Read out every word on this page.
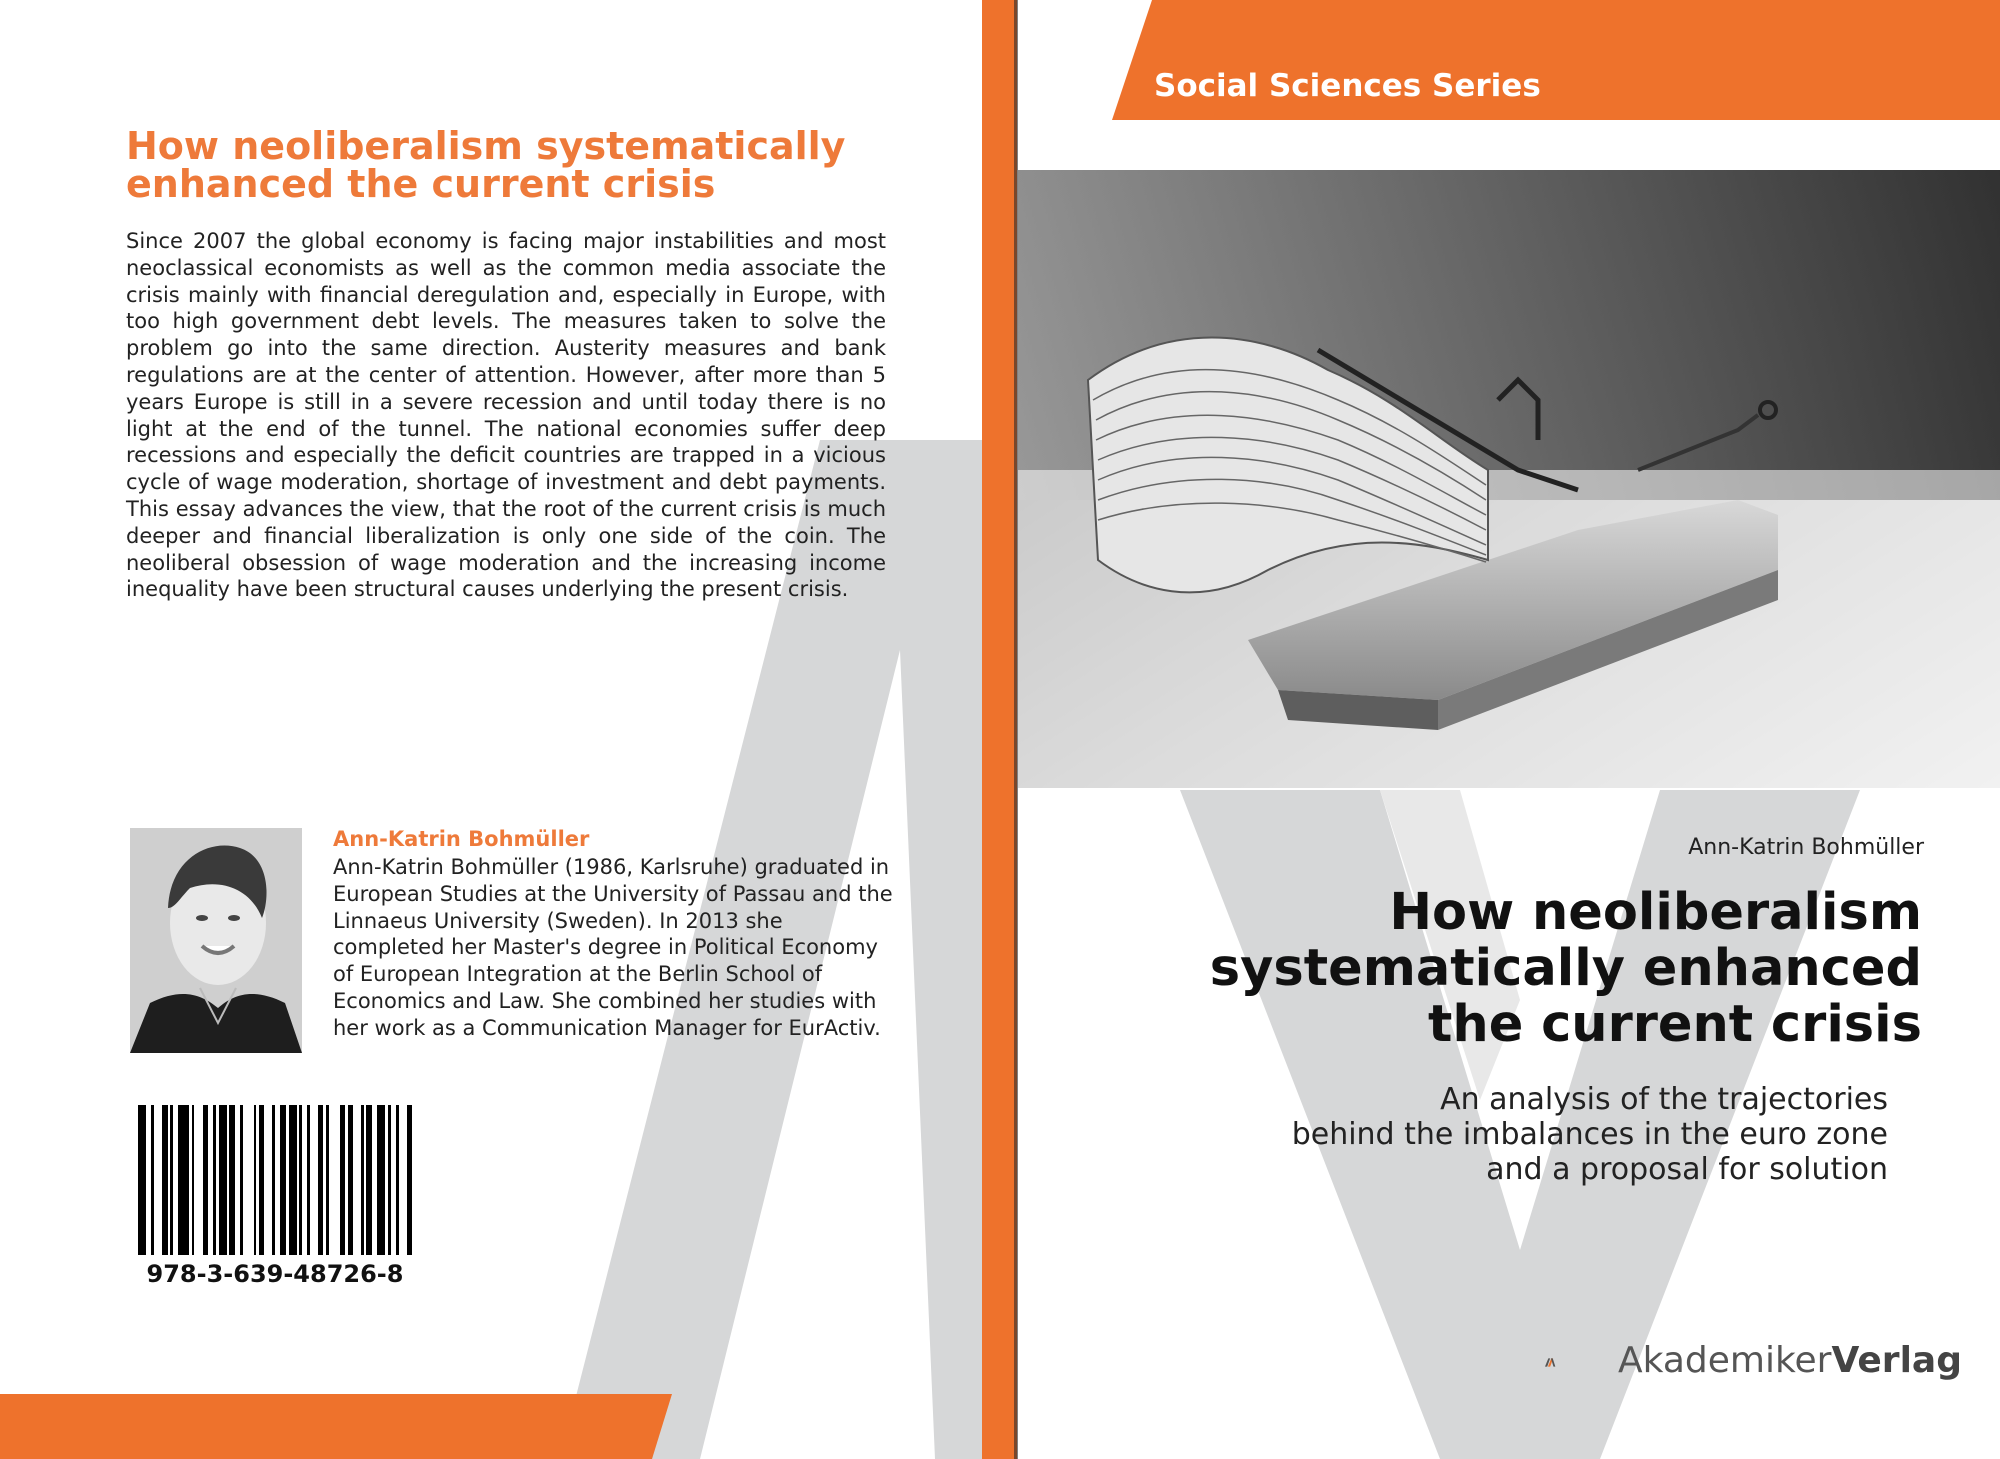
How neoliberalism systematically enhanced the current crisis
Since 2007 the global economy is facing major instabilities and most neoclassical economists as well as the common media associate the crisis mainly with financial deregulation and, especially in Europe, with too high government debt levels. The measures taken to solve the problem go into the same direction. Austerity measures and bank regulations are at the center of attention. However, after more than 5 years Europe is still in a severe recession and until today there is no light at the end of the tunnel. The national economies suffer deep recessions and especially the deficit countries are trapped in a vicious cycle of wage moderation, shortage of investment and debt payments. This essay advances the view, that the root of the current crisis is much deeper and financial liberalization is only one side of the coin. The neoliberal obsession of wage moderation and the increasing income inequality have been structural causes underlying the present crisis.
Ann-Katrin Bohmüller
Ann-Katrin Bohmüller (1986, Karlsruhe) graduated in European Studies at the University of Passau and the Linnaeus University (Sweden). In 2013 she completed her Master's degree in Political Economy of European Integration at the Berlin School of Economics and Law. She combined her studies with her work as a Communication Manager for EurActiv.
978-3-639-48726-8
Social Sciences Series
Ann-Katrin Bohmüller
How neoliberalism systematically enhanced the current crisis
An analysis of the trajectories
behind the imbalances in the euro zone
and a proposal for solution
AkademikerVerlag
